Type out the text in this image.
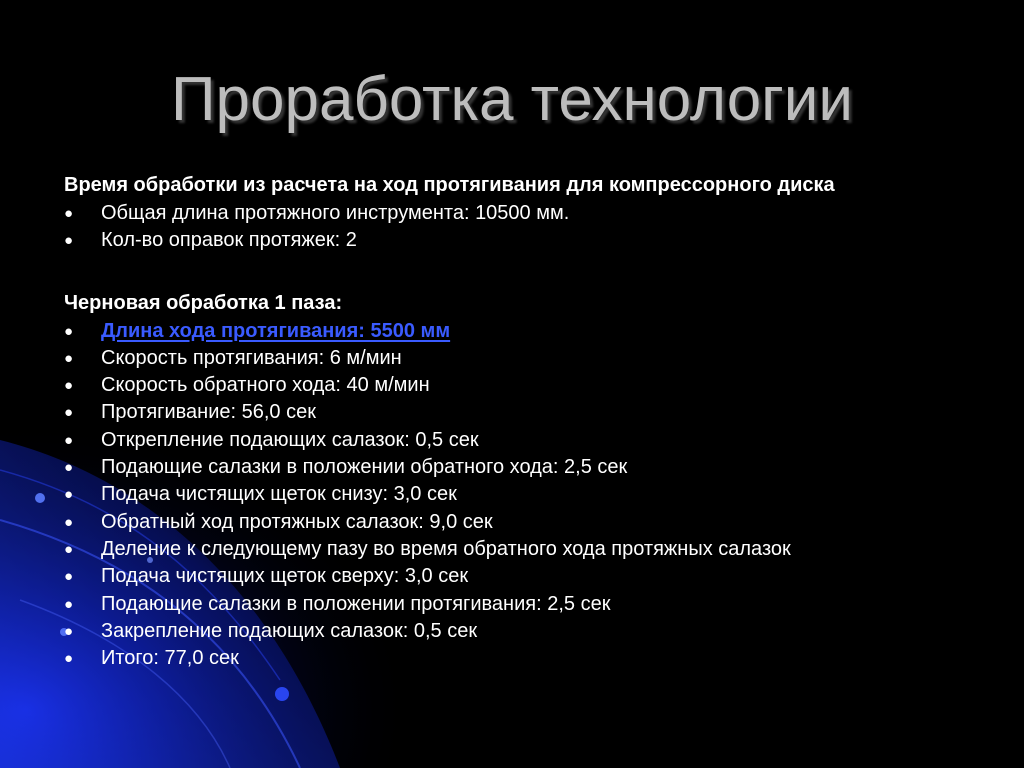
Проработка технологии
Время обработки из расчета на ход протягивания для компрессорного диска
● Общая длина протяжного инструмента: 10500 мм.
● Кол-во оправок протяжек: 2
Черновая обработка 1 паза:
● Длина хода протягивания: 5500 мм
● Скорость протягивания: 6 м/мин
● Скорость обратного хода: 40 м/мин
● Протягивание: 56,0 сек
● Открепление подающих салазок: 0,5 сек
● Подающие салазки в положении обратного хода: 2,5 сек
● Подача чистящих щеток снизу: 3,0 сек
● Обратный ход протяжных салазок: 9,0 сек
● Деление к следующему пазу во время обратного хода протяжных салазок
● Подача чистящих щеток сверху: 3,0 сек
● Подающие салазки в положении протягивания: 2,5 сек
● Закрепление подающих салазок: 0,5 сек
● Итого: 77,0 сек
